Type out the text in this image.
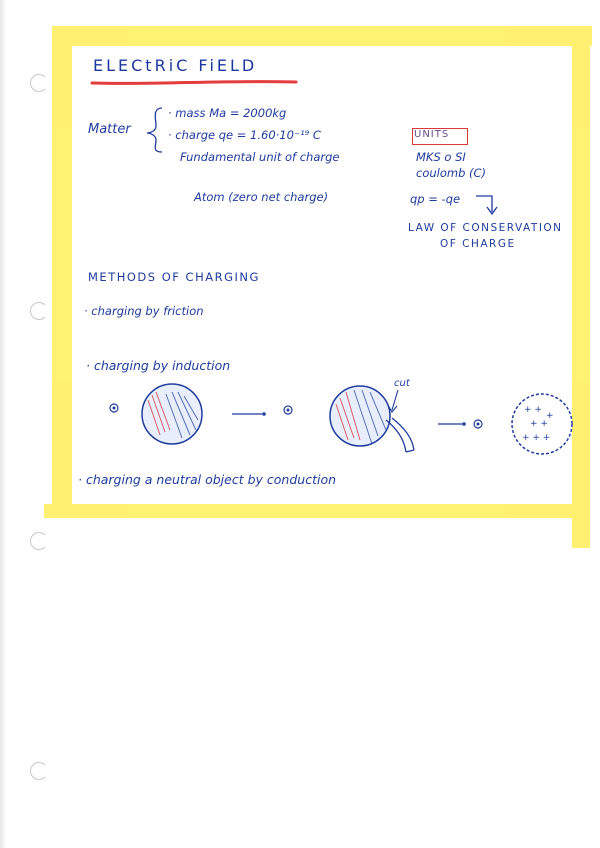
+ +
+ +
+ + +
+
ELECtRiC FiELD
Matter
· mass Ma = 2000kg
· charge qe = 1.60·10⁻¹⁹ C
Fundamental unit of charge
Atom (zero net charge)
UNITS
MKS o SI
coulomb (C)
qp = -qe
LAW OF CONSERVATION
OF CHARGE
METHODS OF CHARGING
· charging by friction
· charging by induction
cut
· charging a neutral object by conduction
